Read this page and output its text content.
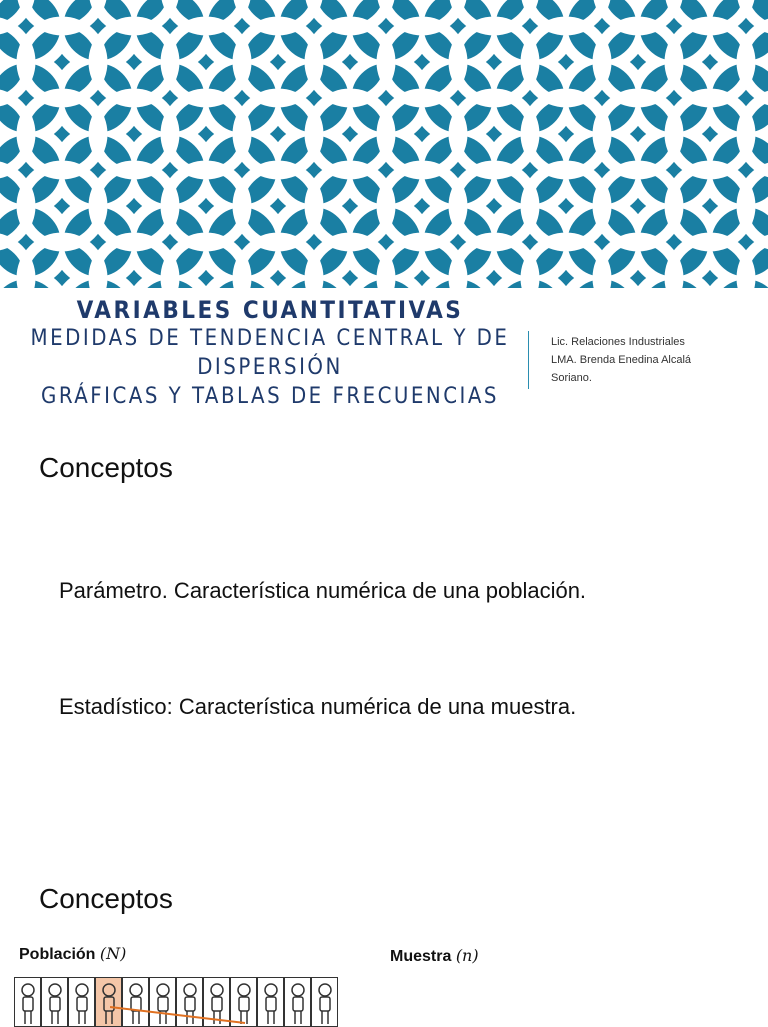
VARIABLES CUANTITATIVAS
MEDIDAS DE TENDENCIA CENTRAL Y DE
DISPERSIÓN
GRÁFICAS Y TABLAS DE FRECUENCIAS
Lic. Relaciones Industriales
LMA. Brenda Enedina Alcalá
Soriano.
Conceptos
Parámetro. Característica numérica de una población.
Estadístico: Característica numérica de una muestra.
Conceptos
Población (N)	Muestra (n)
